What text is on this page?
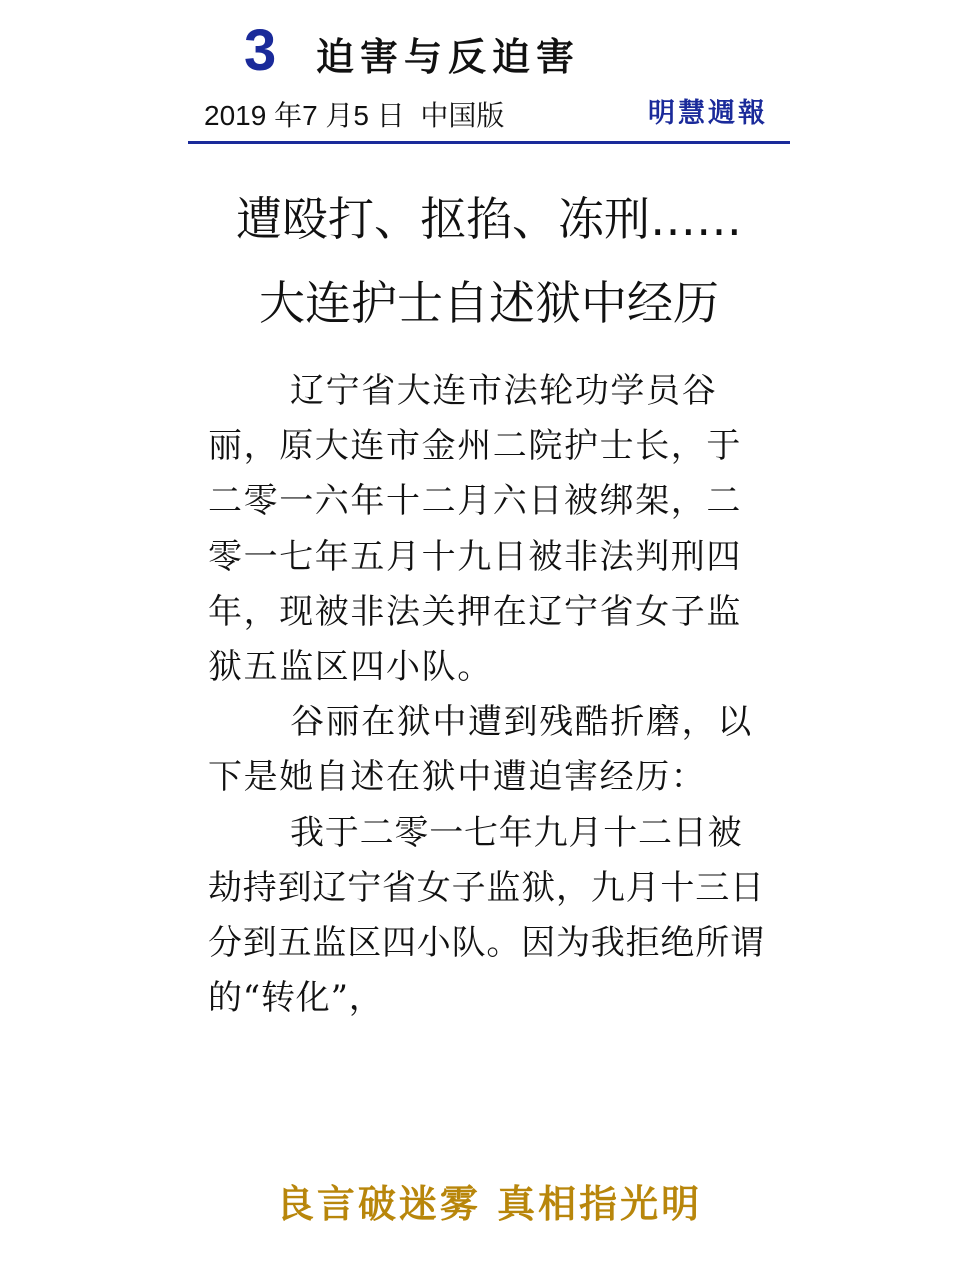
3 迫害与反迫害
2019 年7 月5 日  中国版	明慧週報
遭殴打、抠掐、冻刑……
大连护士自述狱中经历

辽宁省大连市法轮功学员谷丽，原大连市金州二院护士长，于二零一六年十二月六日被绑架，二零一七年五月十九日被非法判刑四年，现被非法关押在辽宁省女子监狱五监区四小队。

谷丽在狱中遭到残酷折磨，以下是她自述在狱中遭迫害经历：

我于二零一七年九月十二日被劫持到辽宁省女子监狱，九月十三日分到五监区四小队。因为我拒绝所谓的“转化”，

良言破迷雾 真相指光明
